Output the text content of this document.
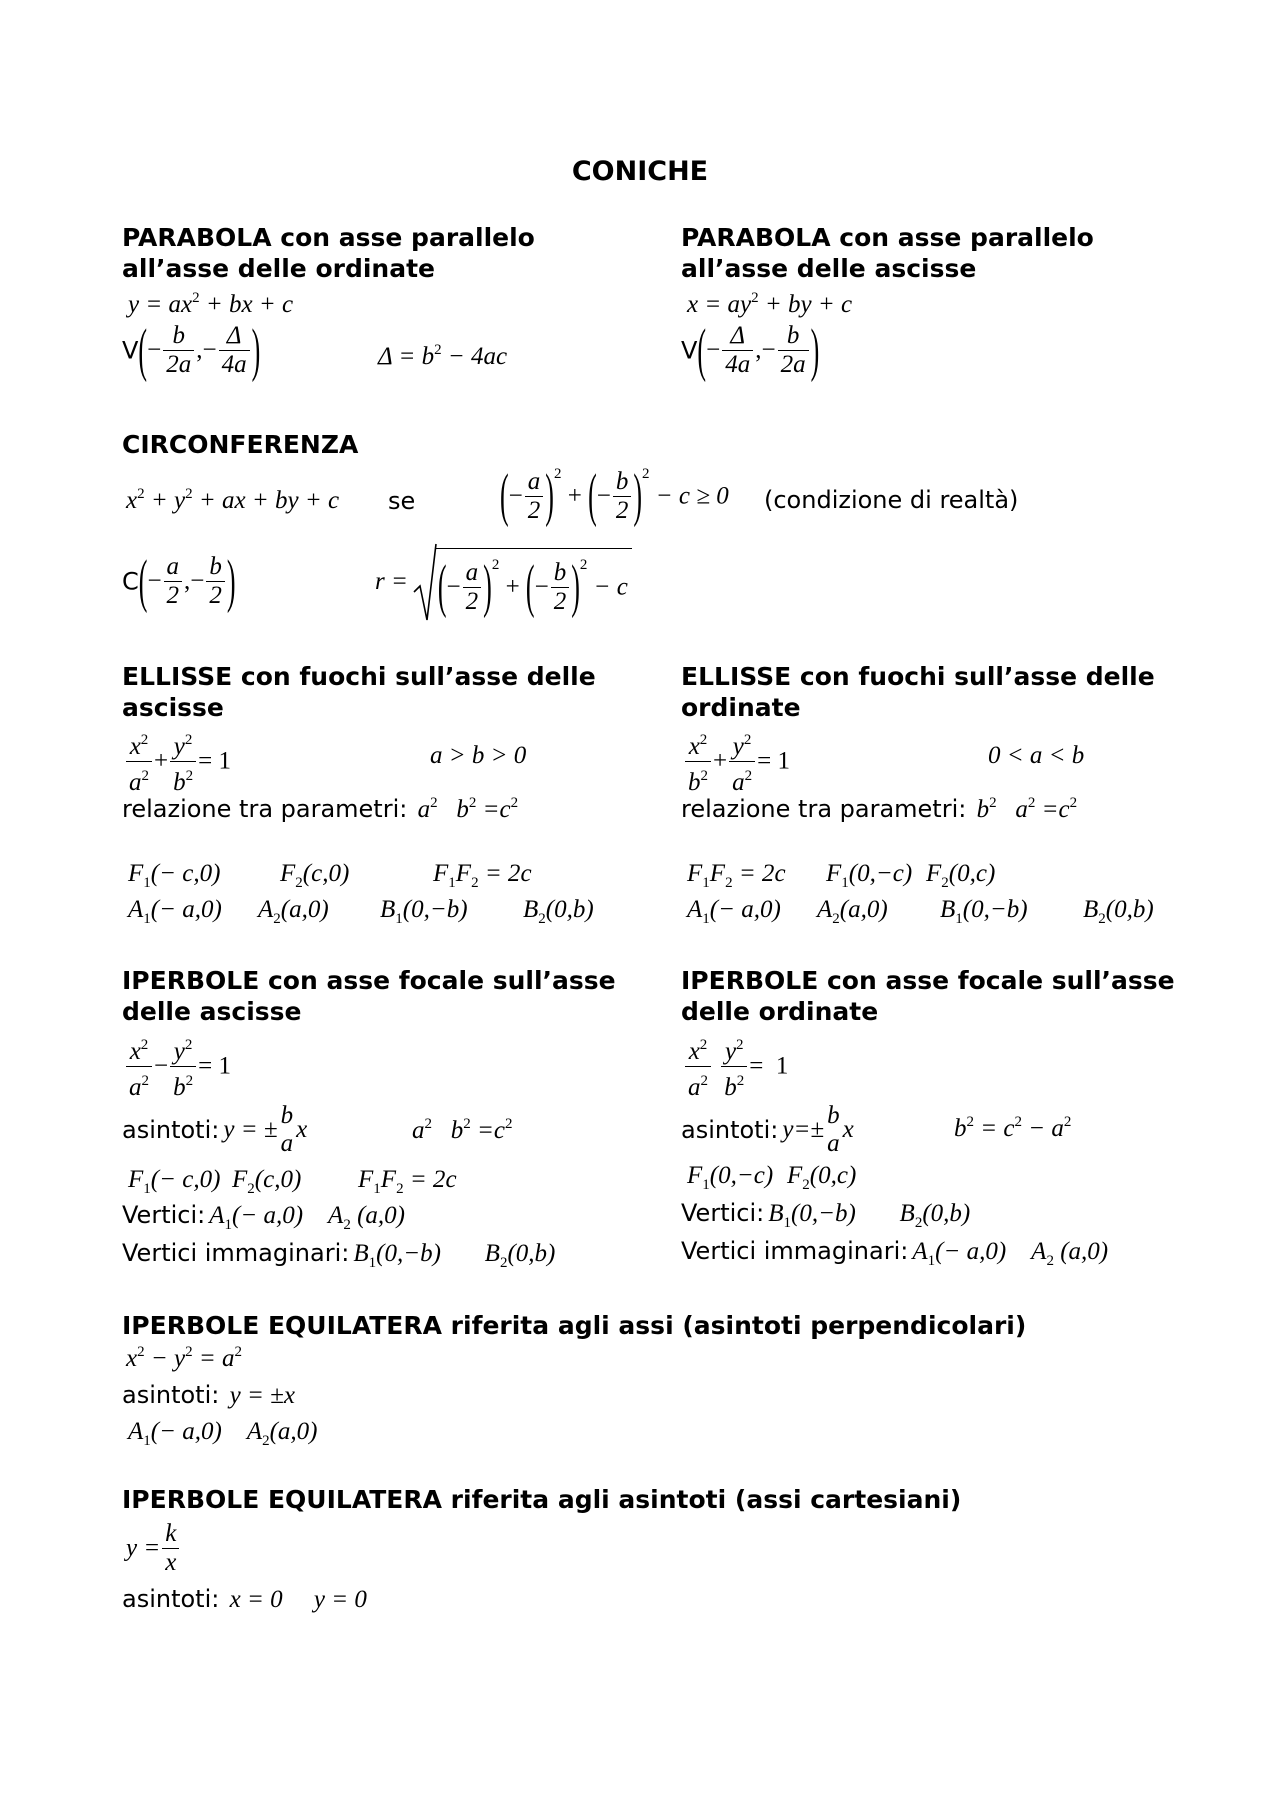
CONICHE
PARABOLA con asse parallelo
all’asse delle ordinate
$y = ax^2$ + bx + c
$V(- \frac{b}{2a}$ ,− $\frac{\Delta}{4a}$ )	$\Delta = b^2 - 4ac$
PARABOLA con asse parallelo
all’asse delle ascisse
$x = ay^2$ + by + c
$V(- \frac{\Delta}{4a}$ ,− $\frac{b}{2a}$ )
CIRCONFERENZA
$x^2 + y^2$ + ax + by + c se	(− $\frac{a}{2} )2$ + (− $\frac{b}{2} )2 - c \ge 0$ (condizione di realtà)
$C(- \frac{a}{2}$ ,− $\frac{b}{2}$ )	r = (− $\frac{a}{2} )2$ + (− $\frac{b}{2} )2 - c$
ELLISSE con fuochi sull’asse delle
ascisse
$\frac{x^2}{a^2} + \frac{y^2}{b^2} = 1$	a > b > 0
relazione tra parametri:  $a^2$   $b^2 =c^2$
$F_1(- c,0)$ $F_2(c,0)$	$F_1F_2 = 2c$
$A_1(- a,0)$ $A_2(a,0)$ $B_1(0,-b)$ $B_2(0,b)$
ELLISSE con fuochi sull’asse delle
ordinate
$\frac{x^2}{b^2} + \frac{y^2}{a^2} = 1$	0 < a < b
relazione tra parametri:  $b^2$   $a^2 =c^2$
$F_1F_2 = 2c$ $F_1(0,-c)$ $F_2(0,c)$
$A_1(- a,0)$ $A_2(a,0)$ $B_1(0,-b)$ $B_2(0,b)$
IPERBOLE con asse focale sull’asse
delle ascisse
$\frac{x^2}{a^2} - \frac{y^2}{b^2} = 1$
asintoti: y = ±
b
a
x	$a^2$   $b^2 =c^2$
$F_1(- c,0)$ $F_2(c,0) F_1F_2 = 2c$
Vertici: $A_1(- a,0)$    $A_2$ (a,0)
Vertici immaginari: $B_1(0,-b)$       $B_2(0,b)$
IPERBOLE con asse focale sull’asse
delle ordinate
$\frac{x^2}{a^2}$
$\frac{y^2}{b^2} = 1$
asintoti: y=±
b
a
x	$b^2 = c^2 - a^2$
$F_1(0,-c)$ $F_2(0,c)$
Vertici: $B_1(0,-b)$       $B_2(0,b)$
Vertici immaginari: $A_1(- a,0)$    $A_2$ (a,0)
IPERBOLE EQUILATERA riferita agli assi (asintoti perpendicolari)
$x^2 - y^2 = a^2$
asintoti:  y = ±x
$A_1(- a,0)$    $A_2(a,0)$
IPERBOLE EQUILATERA riferita agli asintoti (assi cartesiani)
$y = \frac{k}{x}$
asintoti:  x = 0     y = 0
